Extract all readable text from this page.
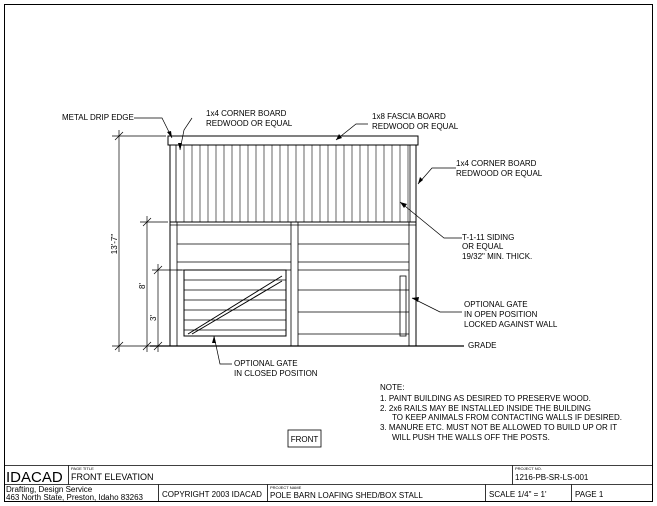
13'-7"
8'
3'
METAL DRIP EDGE	1x4 CORNER BOARD
REDWOOD OR EQUAL
1x8 FASCIA BOARD
REDWOOD OR EQUAL
1x4 CORNER BOARD
REDWOOD OR EQUAL
T-1-11 SIDING
OR EQUAL
19/32" MIN. THICK.
OPTIONAL GATE
IN OPEN POSITION
LOCKED AGAINST WALL
GRADE
OPTIONAL GATE
IN CLOSED POSITION
NOTE:
1. PAINT BUILDING AS DESIRED TO PRESERVE WOOD.
2. 2x6 RAILS MAY BE INSTALLED INSIDE THE BUILDING
TO KEEP ANIMALS FROM CONTACTING WALLS IF DESIRED.
3. MANURE ETC. MUST NOT BE ALLOWED TO BUILD UP OR IT
WILL PUSH THE WALLS OFF THE POSTS.
FRONT
IDACAD
PAGE TITLE
FRONT ELEVATION
PROJECT NO.
1216-PB-SR-LS-001
Drafting, Design Service
463 North State, Preston, Idaho 83263 COPYRIGHT 2003 IDACAD
PROJECT NAME
POLE BARN LOAFING SHED/BOX STALL	SCALE 1/4" = 1'	PAGE 1
